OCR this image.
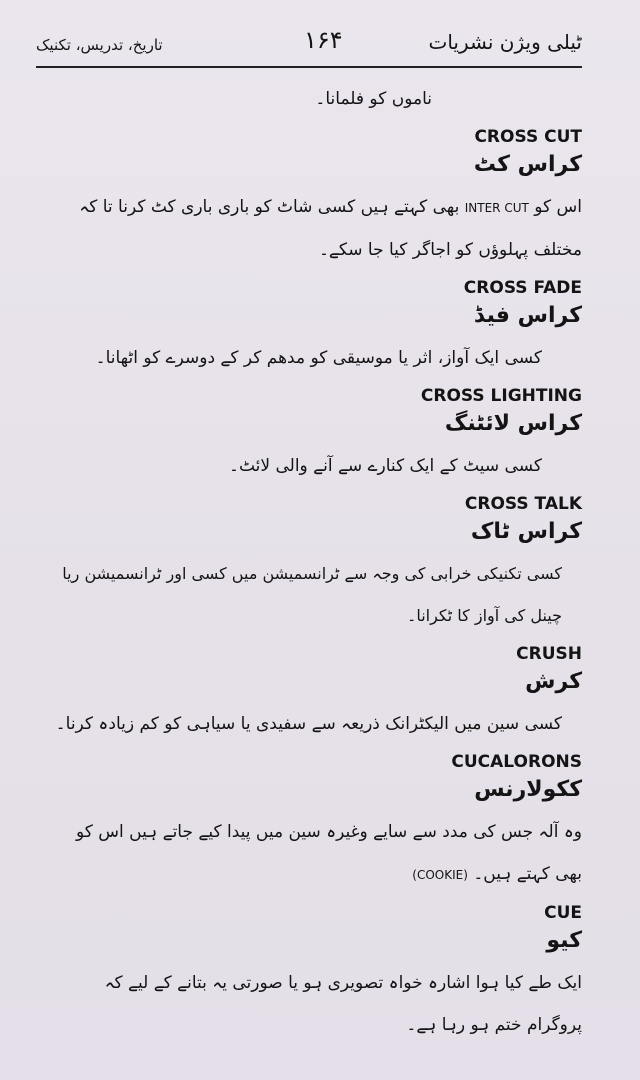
تاریخ، تدریس، تکنیک	۱۶۴	ٹیلی ویژن نشریات
ناموں کو فلمانا۔
CROSS CUT
کراس کٹ
اس کو INTER CUT بھی کہتے ہیں کسی شاٹ کو باری باری کٹ کرنا تا کہ
مختلف پہلوؤں کو اجاگر کیا جا سکے۔
CROSS FADE
کراس فیڈ
کسی ایک آواز، اثر یا موسیقی کو مدھم کر کے دوسرے کو اٹھانا۔
CROSS LIGHTING
کراس لائٹنگ
کسی سیٹ کے ایک کنارے سے آنے والی لائٹ۔
CROSS TALK
کراس ٹاک
کسی تکنیکی خرابی کی وجہ سے ٹرانسمیشن میں کسی اور ٹرانسمیشن ریا چینل کی آواز کا ٹکرانا۔
CRUSH
کرش
کسی سین میں الیکٹرانک ذریعہ سے سفیدی یا سیاہی کو کم زیادہ کرنا۔
CUCALORONS
ککولارنس
وہ آلہ جس کی مدد سے سایے وغیرہ سین میں پیدا کیے جاتے ہیں اس کو
بھی کہتے ہیں۔ (COOKIE)
CUE
کیو
ایک طے کیا ہوا اشارہ خواہ تصویری ہو یا صورتی یہ بتانے کے لیے کہ
پروگرام ختم ہو رہا ہے۔
